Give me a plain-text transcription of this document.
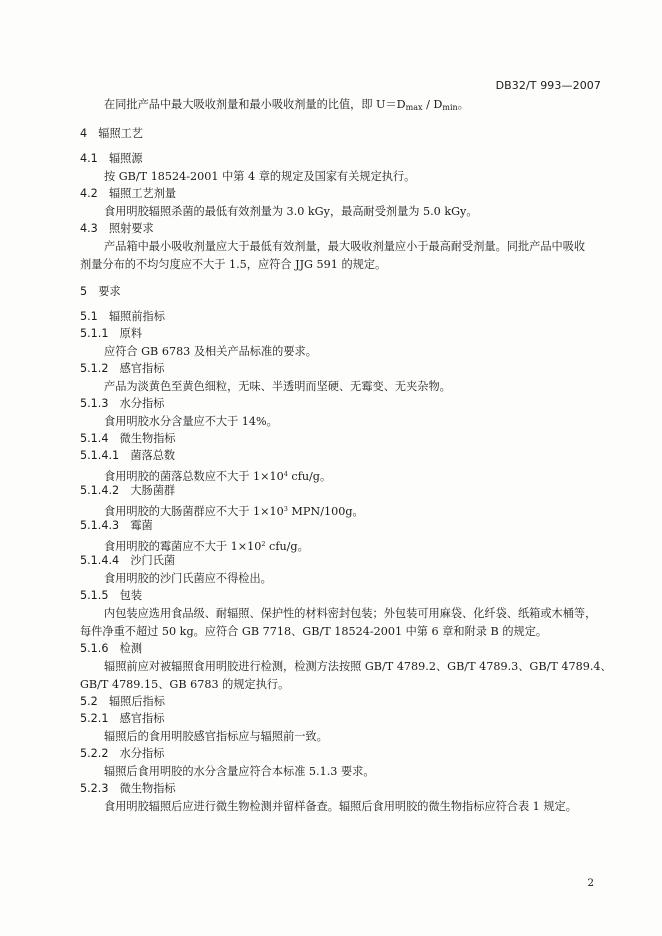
DB32/T 993—2007
在同批产品中最大吸收剂量和最小吸收剂量的比值，即 $U=D_{max} / D_{min}$。
4　辐照工艺
4.1　辐照源
按 GB/T 18524-2001 中第 4 章的规定及国家有关规定执行。
4.2　辐照工艺剂量
食用明胶辐照杀菌的最低有效剂量为 3.0 kGy，最高耐受剂量为 5.0 kGy。
4.3　照射要求
产品箱中最小吸收剂量应大于最低有效剂量，最大吸收剂量应小于最高耐受剂量。同批产品中吸收
剂量分布的不均匀度应不大于 1.5，应符合 JJG 591 的规定。
5　要求
5.1　辐照前指标
5.1.1　原料
应符合 GB 6783 及相关产品标准的要求。
5.1.2　感官指标
产品为淡黄色至黄色细粒，无味、半透明而坚硬、无霉变、无夹杂物。
5.1.3　水分指标
食用明胶水分含量应不大于 14%。
5.1.4　微生物指标
5.1.4.1　菌落总数
食用明胶的菌落总数应不大于 $1\times 10^4$ cfu/g。
5.1.4.2　大肠菌群
食用明胶的大肠菌群应不大于 $1\times 10^3$ MPN/100g。
5.1.4.3　霉菌
食用明胶的霉菌应不大于 $1\times 10^2$ cfu/g。
5.1.4.4　沙门氏菌
食用明胶的沙门氏菌应不得检出。
5.1.5　包装
内包装应选用食品级、耐辐照、保护性的材料密封包装；外包装可用麻袋、化纤袋、纸箱或木桶等，
每件净重不超过 50 kg。应符合 GB 7718、GB/T 18524-2001 中第 6 章和附录 B 的规定。
5.1.6　检测
辐照前应对被辐照食用明胶进行检测，检测方法按照 GB/T 4789.2、GB/T 4789.3、GB/T 4789.4、
GB/T 4789.15、GB 6783 的规定执行。
5.2　辐照后指标
5.2.1　感官指标
辐照后的食用明胶感官指标应与辐照前一致。
5.2.2　水分指标
辐照后食用明胶的水分含量应符合本标准 5.1.3 要求。
5.2.3　微生物指标
食用明胶辐照后应进行微生物检测并留样备查。辐照后食用明胶的微生物指标应符合表 1 规定。
2
